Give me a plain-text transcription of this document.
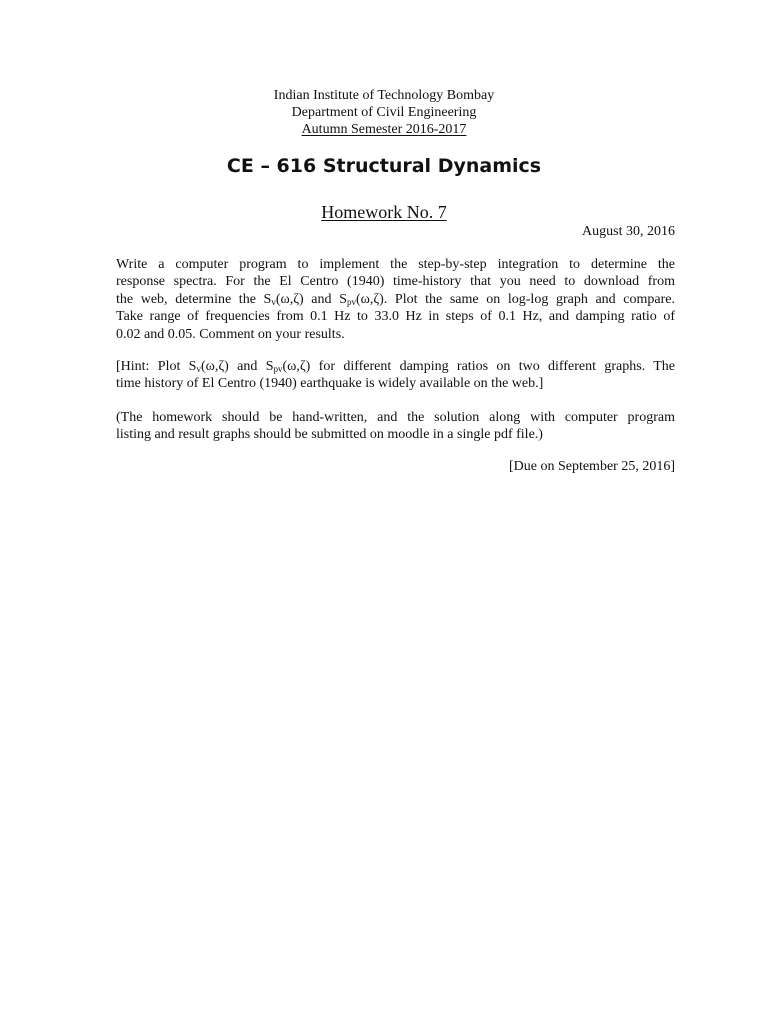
Indian Institute of Technology Bombay
Department of Civil Engineering
Autumn Semester 2016-2017
CE – 616 Structural Dynamics
Homework No. 7
August 30, 2016
Write a computer program to implement the step-by-step integration to determine the
response spectra. For the El Centro (1940) time-history that you need to download from
the web, determine the $S_v(\omega,\zeta)$ and $S_{pv}(\omega,\zeta)$. Plot the same on log-log graph and compare.
Take range of frequencies from 0.1 Hz to 33.0 Hz in steps of 0.1 Hz, and damping ratio of
0.02 and 0.05. Comment on your results.
[Hint: Plot $S_v(\omega,\zeta)$ and $S_{pv}(\omega,\zeta)$ for different damping ratios on two different graphs. The
time history of El Centro (1940) earthquake is widely available on the web.]
(The homework should be hand-written, and the solution along with computer program
listing and result graphs should be submitted on moodle in a single pdf file.)
[Due on September 25, 2016]
